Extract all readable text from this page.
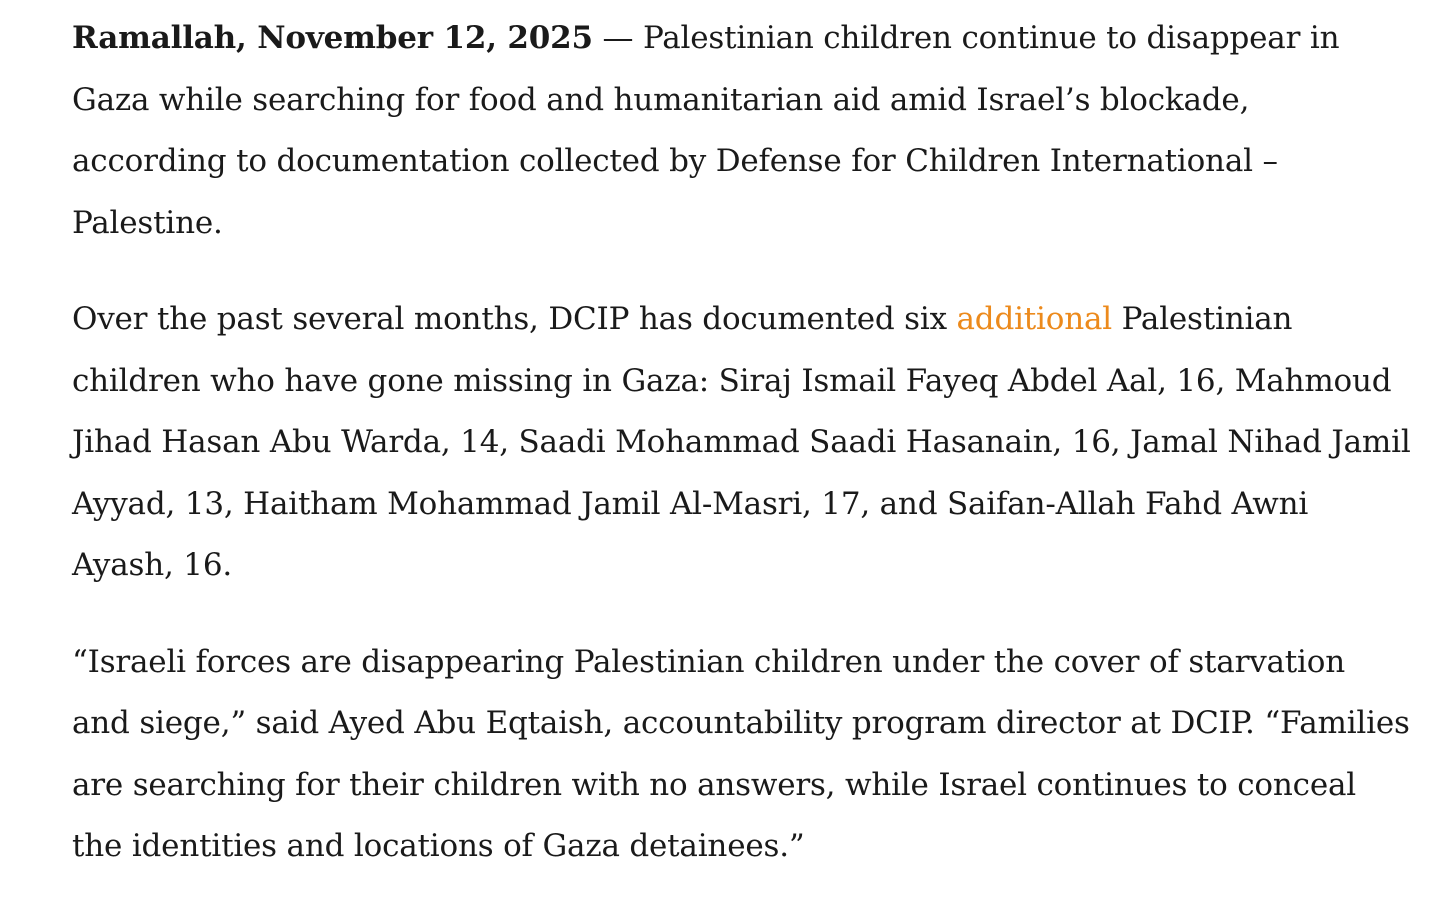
Ramallah, November 12, 2025 — Palestinian children continue to disappear in Gaza while searching for food and humanitarian aid amid Israel’s blockade, according to documentation collected by Defense for Children International – Palestine.

Over the past several months, DCIP has documented six additional Palestinian children who have gone missing in Gaza: Siraj Ismail Fayeq Abdel Aal, 16, Mahmoud Jihad Hasan Abu Warda, 14, Saadi Mohammad Saadi Hasanain, 16, Jamal Nihad Jamil Ayyad, 13, Haitham Mohammad Jamil Al-Masri, 17, and Saifan-Allah Fahd Awni Ayash, 16.

“Israeli forces are disappearing Palestinian children under the cover of starvation and siege,” said Ayed Abu Eqtaish, accountability program director at DCIP. “Families are searching for their children with no answers, while Israel continues to conceal the identities and locations of Gaza detainees.”
